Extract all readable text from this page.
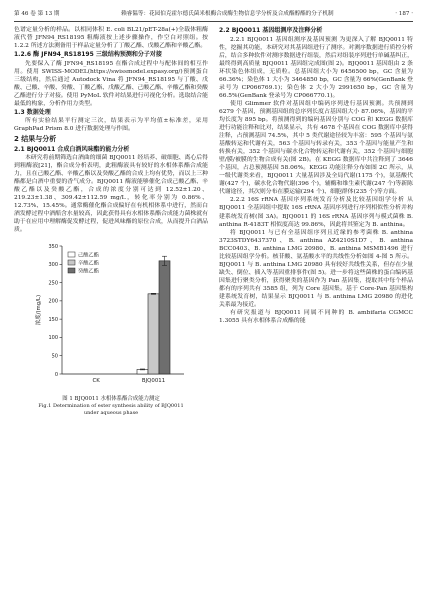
第 46 卷 第 13 期	赖睿韫等：花园伯克霍尔德氏菌米根酶合成酶生物信息学分析及合成酯醇酯的分子机制	· 187 ·

色谱定量分析的样品。以相同体积 E. coli BL21/pET-28a(+)全载体粗酶液代替 JFN94_RS18195 粗酶液按上述步骤操作，作空白对照组。按 1.2.2 所述方法测备用于样品定量分析了丁酸乙酯、戊酸乙酯和辛酸乙酯。

1.2.6 酶 JFN94_RS18195 三级结构预测和分子对接

先要保入了酶 JFN94_RS18195 在酯合成过程中与配体间的相互作用。使用 SWISS-MODEL(https://swissmodel.expasy.org/)预测蛋白三级结构，然后通过 Autodock Vina 将 JFN94_RS18195 与丁酸、戊酸、己酸、辛酸、癸酸、丁酸乙酯、戊酸乙酯、己酸乙酯、辛酸乙酯和癸酸乙酯进行分子对接。使用 PyMoL 软件对结果进行可视化分析。选取结合能最低的构象，分析作用力类型。

1.3 数据处理

所有实验结果平行测定三次，结果表示为平均值±标准差，采用 GraphPad Prism 8.0 进行数据处理与作图。

2 结果与分析
2.1 BJQ0011 合成白酒风味酯的能力分析

本研究将前期筛选白酒曲的细菌 BJQ0011 经培养、破细胞、离心后得到粗酶液[21]，酯合成分析表明，此粗酶液具有较好的水相体系酯合成能力，且在己酸乙酯、辛酸乙酯以及癸酸乙酯的合成上均有优势，而以上三种酯都是白酒中重要的香气成分。BJQ0011 酶液能够催化合成己酸乙酯、辛酸乙酯以及癸酸乙酯，合成的浓度分别可达到 12.52±1.20、219.23±1.38、309.42±112.59 mg/L，转化率分别为 0.86%、12.73%、15.45%。通常酶催化酯合成偏好在有机相体系中进行，然而白酒发酵过程中酒醅含水量较高，因此获得具有水相体系酯合成能力菌株就有助于在应用中理解酶促发酵过程，促进风味酯的原位合成，从而提升白酒品质。

0
50
100
150
200
250
300
350
浓度/(mg/L)
CK	BJQ0011
己酸乙酯
辛酸乙酯
癸酸乙酯
图 1 BJQ0011 水相体系酯合成能力测定
Fig.1 Determination of ester synthesis ability of BJQ0011
under aqueous phase
2.2 BJQ0011 基因组测序及注释分析

2.2.1 BJQ0011 基因组测序及基因预测 为更深入了解 BJQ0011 特性，挖掘其功能，本研究对其基因组进行了测序。对测序数据进行质控分析后，结合多种软件对测序数据进行组装，然后对组装序列进行单碱基纠正，最终得到高质量 BJQ0011 基因组完成图(图 2)。BJQ0011 基因组由 2 条环状染色体组成，无质粒。总基因组大小为 6456500 bp，GC 含量为 66.36%；染色体 1 大小为 3464850 bp，GC 含量为 66%(GenBank 登录号为 CP066769.1)；染色体 2 大小为 2991650 bp，GC 含量为 66.5%(GenBank 登录号为 CP066770.1)。

使用 Glimmer 软件对基因组中编码序列进行基因预测。共预测到 6279 个基因，预测基因组的总序列长度占基因组大小 87.06%，基因的平均长度为 895 bp。将预测得到的编码基因分别与 COG 和 KEGG 数据库进行功能注释和比对，结果显示，共有 4678 个基因在 COG 数据库中获得注释，占预测基因 74.5%，其中 5 类代谢途径较为丰富：595 个基因与氨基酸转运和代谢有关，563 个基因与转录有关，353 个基因与能量产生和转换有关，352 个基因与碳水化合物转运和代谢有关，352 个基因与细胞壁/膜/被膜的生物合成有关(图 2B)。在 KEGG 数据库中共注释到了 3646 个基因，占总预测基因 58.06%。KEGG 功能注释分布如图 2C 所示，从一级代谢类来看，BJQ0011 大量基因涉及全局代谢(1175 个)，氨基酸代谢(427 个)，碳水化合物代谢(396 个)，辅酶和维生素代谢(247 个)等新陈代谢途径，其次则分布在膜运输(294 个)、细胞群体(235 个)等方面。

2.2.2 16S rRNA 基因序列系统发育分析及比较基因组学分析 从 BJQ0011 全基因组中提取 16S rRNA 基因序列进行序列相似性分析并构建系统发育树(图 3A)。BJQ0011 的 16S rRNA 基因序列与模式菌株 B. anthina R-4183T 相似度高达 99.86%，因此将其鉴定为 B. anthina。

将 BJQ0011 与已有全基因组序列且近缘的参考菌株 B. anthina 3723STDY6437370、B. anthina AZ4210S1D7、B. anthina BCC0403、B. anthina LMG 20980、B. anthina MSMB1496 进行比较基因组学分析。核苷酸、氨基酸水平的共线性分析如图 4-图 5 所示。BJQ0011 与 B. anthina LMG 20980 具有较好共线性关系，但存在少量缺失、倒位、插入等基因重排事件(图 5)。进一步将这些菌株的蛋白编码基因集进行聚类分析，获得聚类的基因作为 Pan 基因集，提取其中每个样品都有的序列共有 3585 组，列为 Core 基因集。基于 Core-Pan 基因集构建系统发育树，结果显示 BJQ0011 与 B. anthina LMG 20980 的进化关系最为接近。

有研究报道与 BJQ0011 同属不同种的 B. ambifaria CGMCC 1.3055 具有水相体系合成酯的能
